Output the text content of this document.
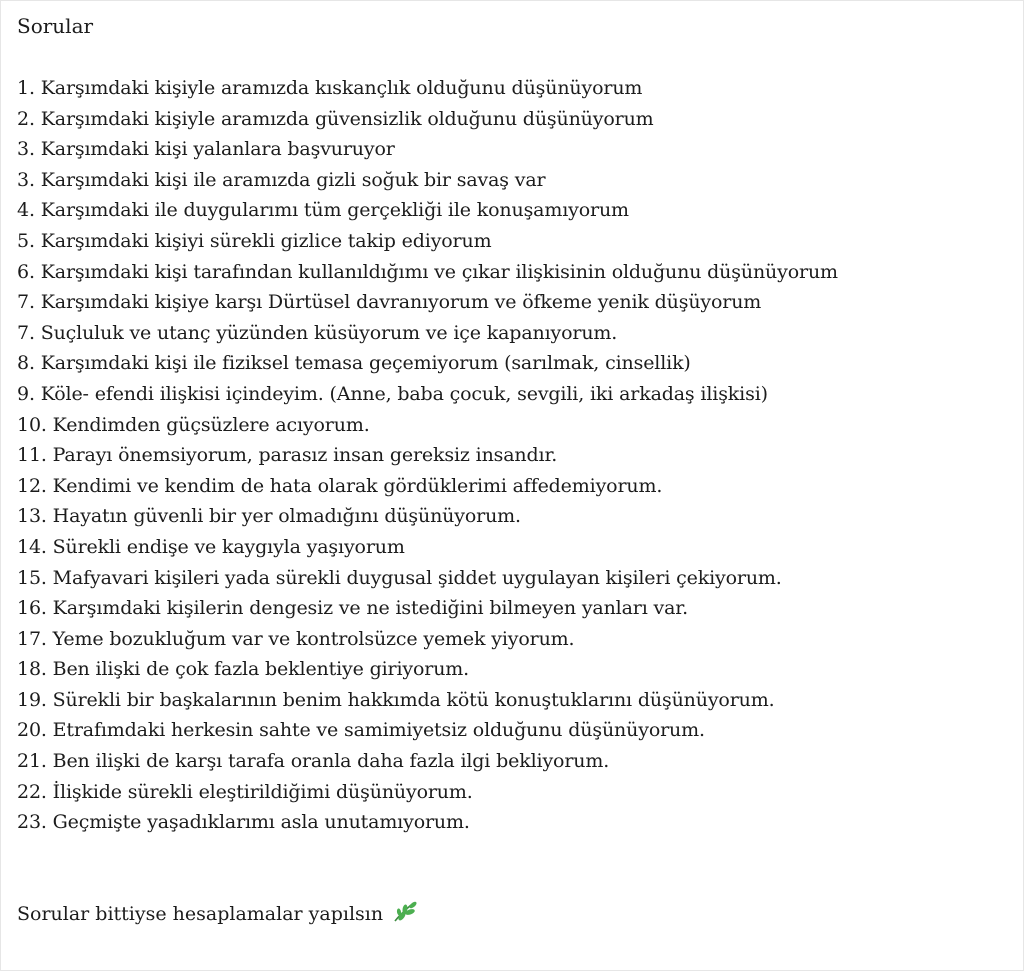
Sorular
1. Karşımdaki kişiyle aramızda kıskançlık olduğunu düşünüyorum
2. Karşımdaki kişiyle aramızda güvensizlik olduğunu düşünüyorum
3. Karşımdaki kişi yalanlara başvuruyor
3. Karşımdaki kişi ile aramızda gizli soğuk bir savaş var
4. Karşımdaki ile duygularımı tüm gerçekliği ile konuşamıyorum
5. Karşımdaki kişiyi sürekli gizlice takip ediyorum
6. Karşımdaki kişi tarafından kullanıldığımı ve çıkar ilişkisinin olduğunu düşünüyorum
7. Karşımdaki kişiye karşı Dürtüsel davranıyorum ve öfkeme yenik düşüyorum
7. Suçluluk ve utanç yüzünden küsüyorum ve içe kapanıyorum.
8. Karşımdaki kişi ile fiziksel temasa geçemiyorum (sarılmak, cinsellik)
9. Köle- efendi ilişkisi içindeyim. (Anne, baba çocuk, sevgili, iki arkadaş ilişkisi)
10. Kendimden güçsüzlere acıyorum.
11. Parayı önemsiyorum, parasız insan gereksiz insandır.
12. Kendimi ve kendim de hata olarak gördüklerimi affedemiyorum.
13. Hayatın güvenli bir yer olmadığını düşünüyorum.
14. Sürekli endişe ve kaygıyla yaşıyorum
15. Mafyavari kişileri yada sürekli duygusal şiddet uygulayan kişileri çekiyorum.
16. Karşımdaki kişilerin dengesiz ve ne istediğini bilmeyen yanları var.
17. Yeme bozukluğum var ve kontrolsüzce yemek yiyorum.
18. Ben ilişki de çok fazla beklentiye giriyorum.
19. Sürekli bir başkalarının benim hakkımda kötü konuştuklarını düşünüyorum.
20. Etrafımdaki herkesin sahte ve samimiyetsiz olduğunu düşünüyorum.
21. Ben ilişki de karşı tarafa oranla daha fazla ilgi bekliyorum.
22. İlişkide sürekli eleştirildiğimi düşünüyorum.
23. Geçmişte yaşadıklarımı asla unutamıyorum.
Sorular bittiyse hesaplamalar yapılsın
